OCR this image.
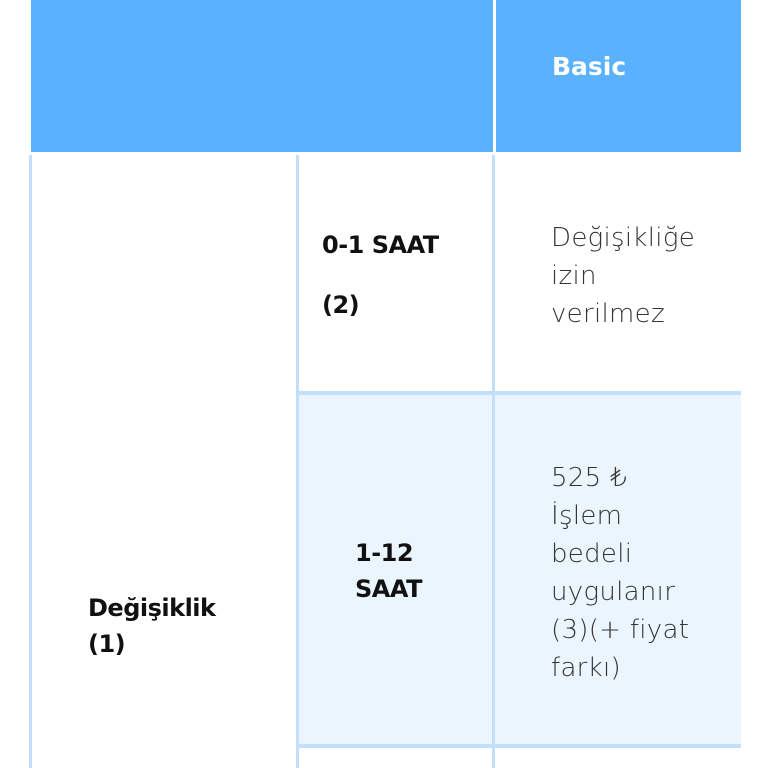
Basic
Değişiklik
(1)
0-1 SAAT
(2)
Değişikliğe
izin
verilmez
1-12
SAAT
525 ₺
İşlem
bedeli
uygulanır
(3)(+ fiyat
farkı)
